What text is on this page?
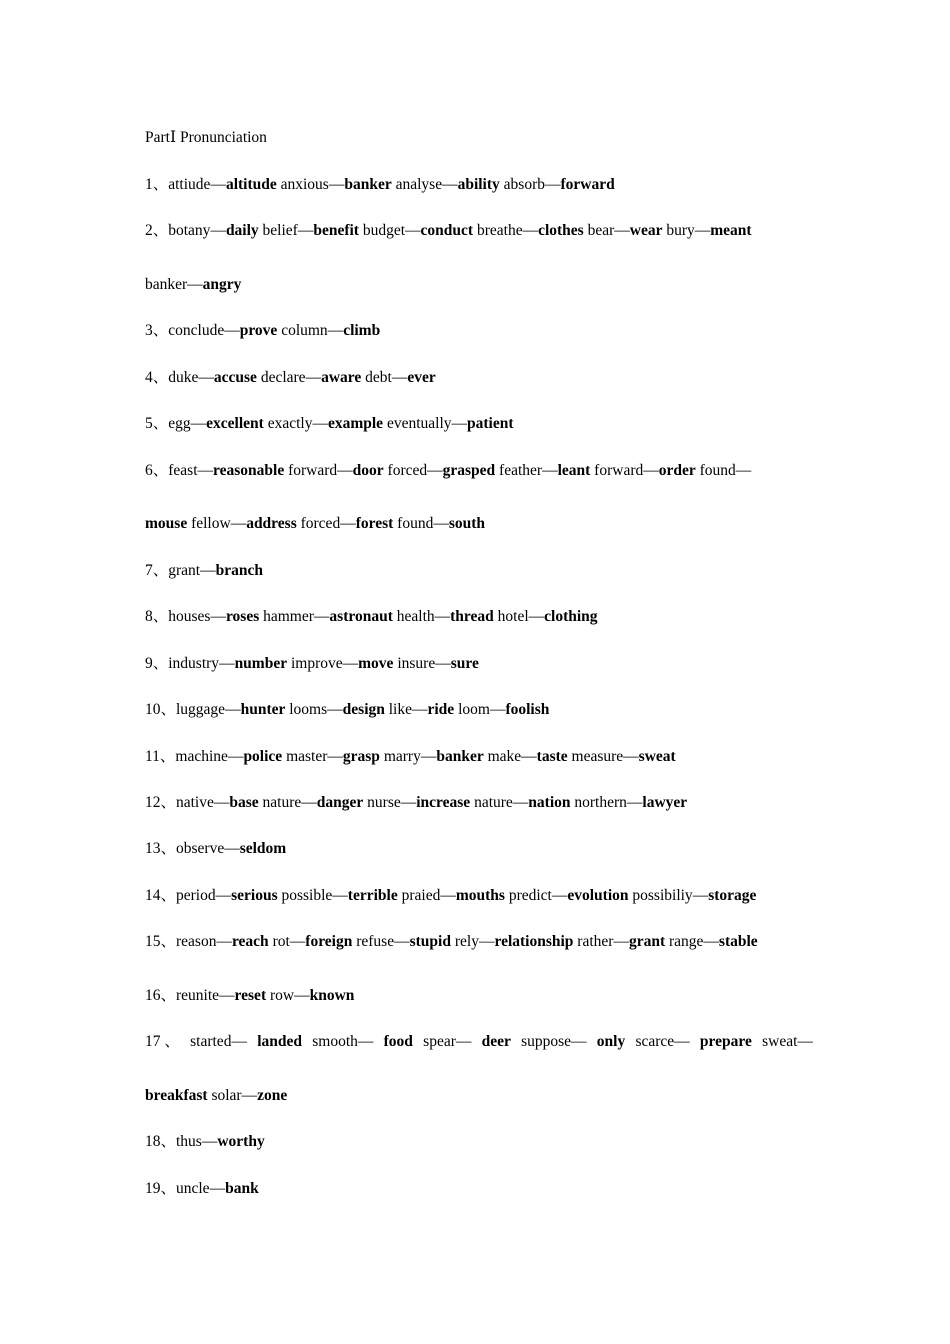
PartⅠ Pronunciation
1、attiude—altitude anxious—banker analyse—ability absorb—forward
2、botany—daily belief—benefit budget—conduct breathe—clothes bear—wear bury—meant
banker—angry
3、conclude—prove column—climb
4、duke—accuse declare—aware debt—ever
5、egg—excellent exactly—example eventually—patient
6、feast—reasonable forward—door forced—grasped feather—leant forward—order found—
mouse fellow—address forced—forest found—south
7、grant—branch
8、houses—roses hammer—astronaut health—thread hotel—clothing
9、industry—number improve—move insure—sure
10、luggage—hunter looms—design like—ride loom—foolish
11、machine—police master—grasp marry—banker make—taste measure—sweat
12、native—base nature—danger nurse—increase nature—nation northern—lawyer
13、observe—seldom
14、period—serious possible—terrible praied—mouths predict—evolution possibiliy—storage
15、reason—reach rot—foreign refuse—stupid rely—relationship rather—grant range—stable
16、reunite—reset row—known
17 、 started— landed smooth— food spear— deer suppose— only scarce— prepare sweat—
breakfast solar—zone
18、thus—worthy
19、uncle—bank
